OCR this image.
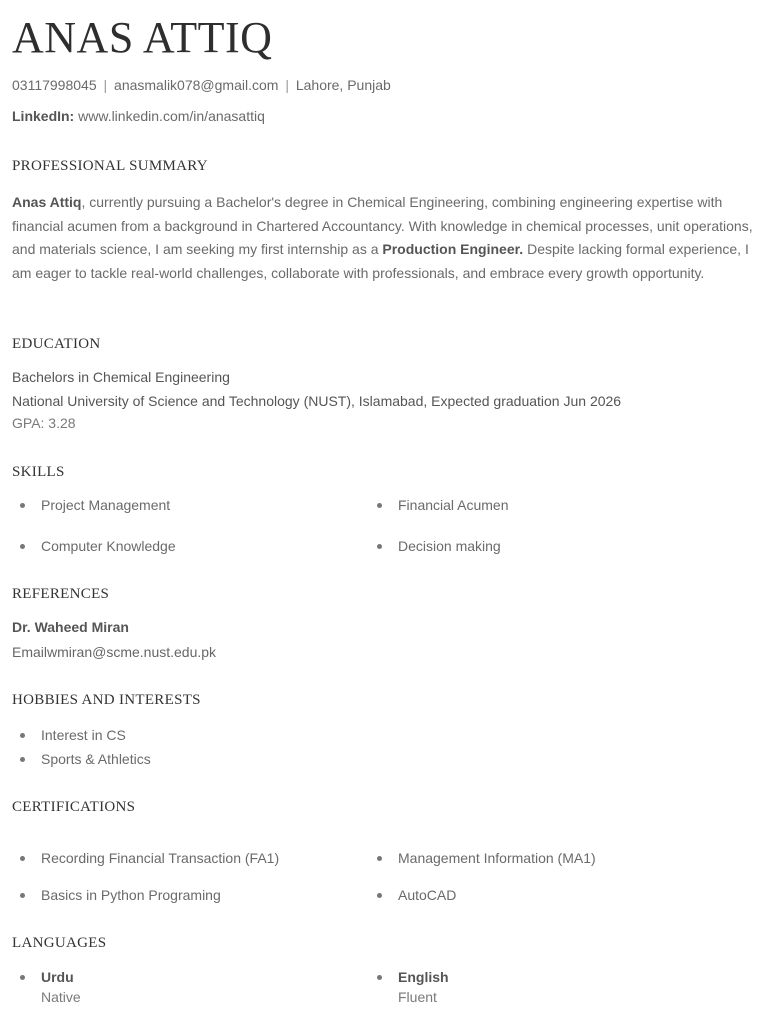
ANAS ATTIQ
03117998045 | anasmalik078@gmail.com | Lahore, Punjab
LinkedIn: www.linkedin.com/in/anasattiq
PROFESSIONAL SUMMARY
Anas Attiq, currently pursuing a Bachelor's degree in Chemical Engineering, combining engineering expertise with financial acumen from a background in Chartered Accountancy. With knowledge in chemical processes, unit operations, and materials science, I am seeking my first internship as a Production Engineer. Despite lacking formal experience, I am eager to tackle real-world challenges, collaborate with professionals, and embrace every growth opportunity.
EDUCATION
Bachelors in Chemical Engineering
National University of Science and Technology (NUST), Islamabad, Expected graduation Jun 2026
GPA: 3.28
SKILLS
Project Management	Financial Acumen
Computer Knowledge	Decision making
REFERENCES
Dr. Waheed Miran
Emailwmiran@scme.nust.edu.pk
HOBBIES AND INTERESTS
Interest in CS
Sports & Athletics
CERTIFICATIONS
Recording Financial Transaction (FA1)	Management Information (MA1)
Basics in Python Programing	AutoCAD
LANGUAGES
Urdu
Native
English
Fluent
